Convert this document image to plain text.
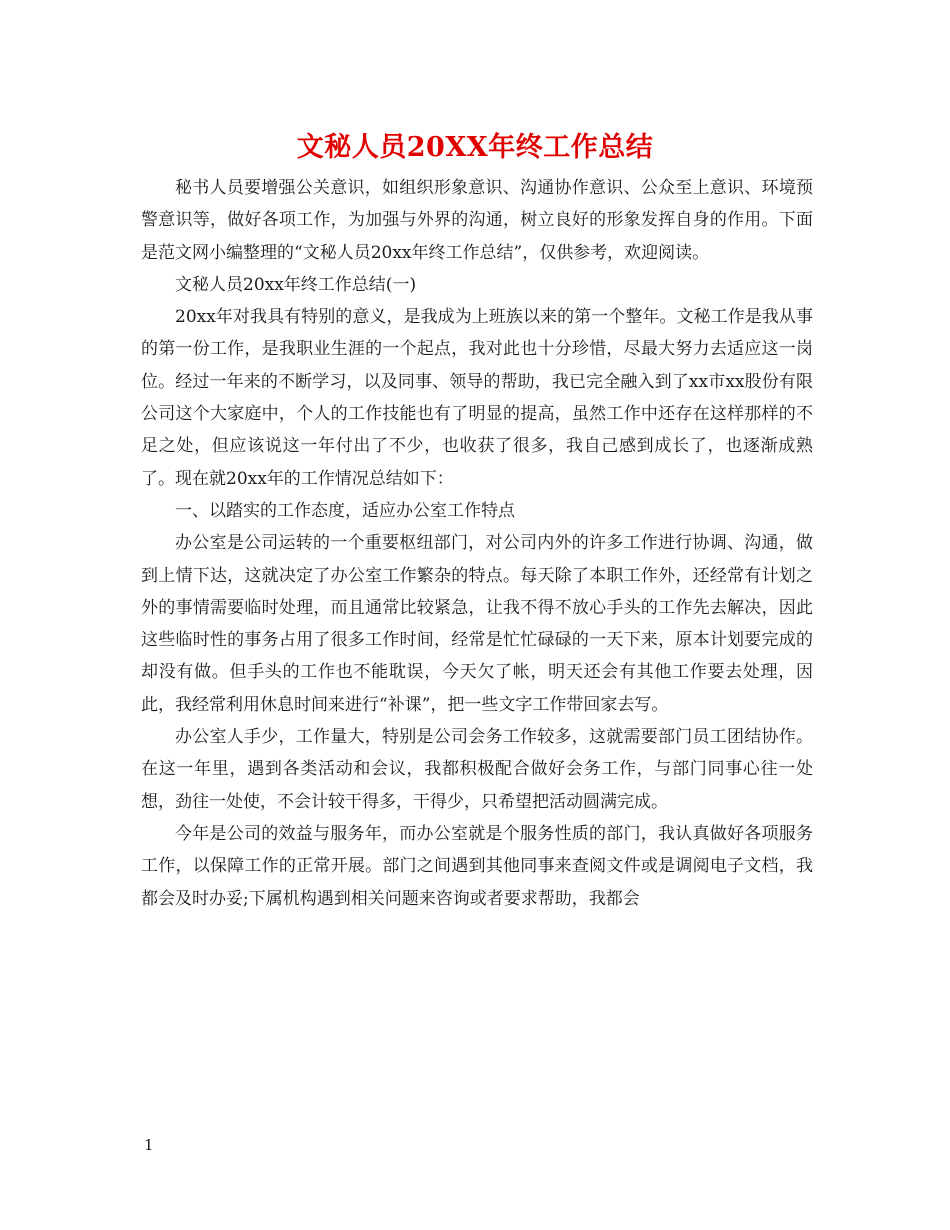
文秘人员20XX年终工作总结

秘书人员要增强公关意识，如组织形象意识、沟通协作意识、公众至上意识、环境预警意识等，做好各项工作，为加强与外界的沟通，树立良好的形象发挥自身的作用。下面是范文网小编整理的“文秘人员20xx年终工作总结”，仅供参考，欢迎阅读。

文秘人员20xx年终工作总结(一)

20xx年对我具有特别的意义，是我成为上班族以来的第一个整年。文秘工作是我从事的第一份工作，是我职业生涯的一个起点，我对此也十分珍惜，尽最大努力去适应这一岗位。经过一年来的不断学习，以及同事、领导的帮助，我已完全融入到了xx市xx股份有限公司这个大家庭中，个人的工作技能也有了明显的提高，虽然工作中还存在这样那样的不足之处，但应该说这一年付出了不少，也收获了很多，我自己感到成长了，也逐渐成熟了。现在就20xx年的工作情况总结如下：

一、以踏实的工作态度，适应办公室工作特点

办公室是公司运转的一个重要枢纽部门，对公司内外的许多工作进行协调、沟通，做到上情下达，这就决定了办公室工作繁杂的特点。每天除了本职工作外，还经常有计划之外的事情需要临时处理，而且通常比较紧急，让我不得不放心手头的工作先去解决，因此这些临时性的事务占用了很多工作时间，经常是忙忙碌碌的一天下来，原本计划要完成的却没有做。但手头的工作也不能耽误，今天欠了帐，明天还会有其他工作要去处理，因此，我经常利用休息时间来进行“补课”，把一些文字工作带回家去写。

办公室人手少，工作量大，特别是公司会务工作较多，这就需要部门员工团结协作。在这一年里，遇到各类活动和会议，我都积极配合做好会务工作，与部门同事心往一处想，劲往一处使，不会计较干得多，干得少，只希望把活动圆满完成。

今年是公司的效益与服务年，而办公室就是个服务性质的部门，我认真做好各项服务工作，以保障工作的正常开展。部门之间遇到其他同事来查阅文件或是调阅电子文档，我都会及时办妥;下属机构遇到相关问题来咨询或者要求帮助，我都会

1
